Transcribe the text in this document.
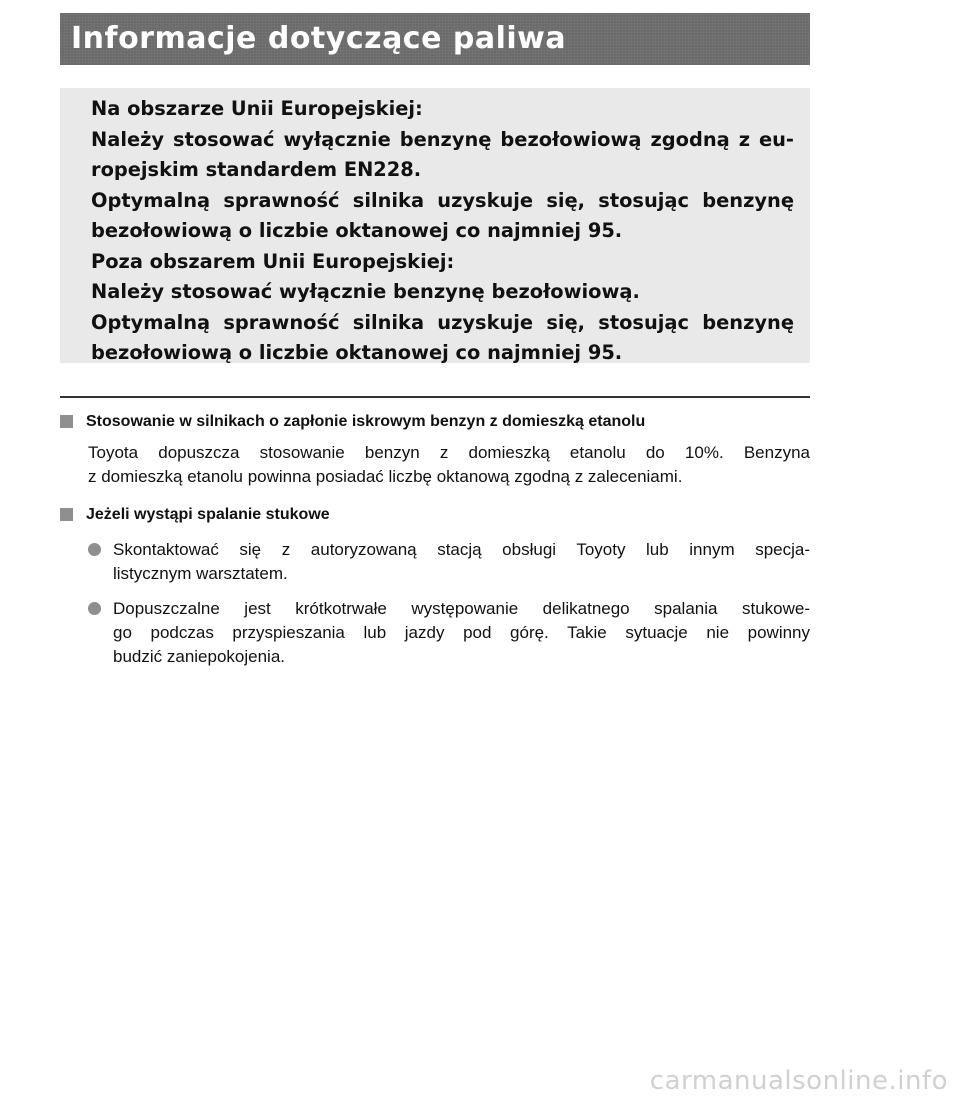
Informacje dotyczące paliwa
Na obszarze Unii Europejskiej:
Należy stosować wyłącznie benzynę bezołowiową zgodną z eu-
ropejskim standardem EN228.
Optymalną sprawność silnika uzyskuje się, stosując benzynę
bezołowiową o liczbie oktanowej co najmniej 95.
Poza obszarem Unii Europejskiej:
Należy stosować wyłącznie benzynę bezołowiową.
Optymalną sprawność silnika uzyskuje się, stosując benzynę
bezołowiową o liczbie oktanowej co najmniej 95.
Stosowanie w silnikach o zapłonie iskrowym benzyn z domieszką etanolu
Toyota dopuszcza stosowanie benzyn z domieszką etanolu do 10%. Benzyna
z domieszką etanolu powinna posiadać liczbę oktanową zgodną z zaleceniami.
Jeżeli wystąpi spalanie stukowe
Skontaktować się z autoryzowaną stacją obsługi Toyoty lub innym specja-
listycznym warsztatem.
Dopuszczalne jest krótkotrwałe występowanie delikatnego spalania stukowe-
go podczas przyspieszania lub jazdy pod górę. Takie sytuacje nie powinny
budzić zaniepokojenia.
carmanualsonline.info
